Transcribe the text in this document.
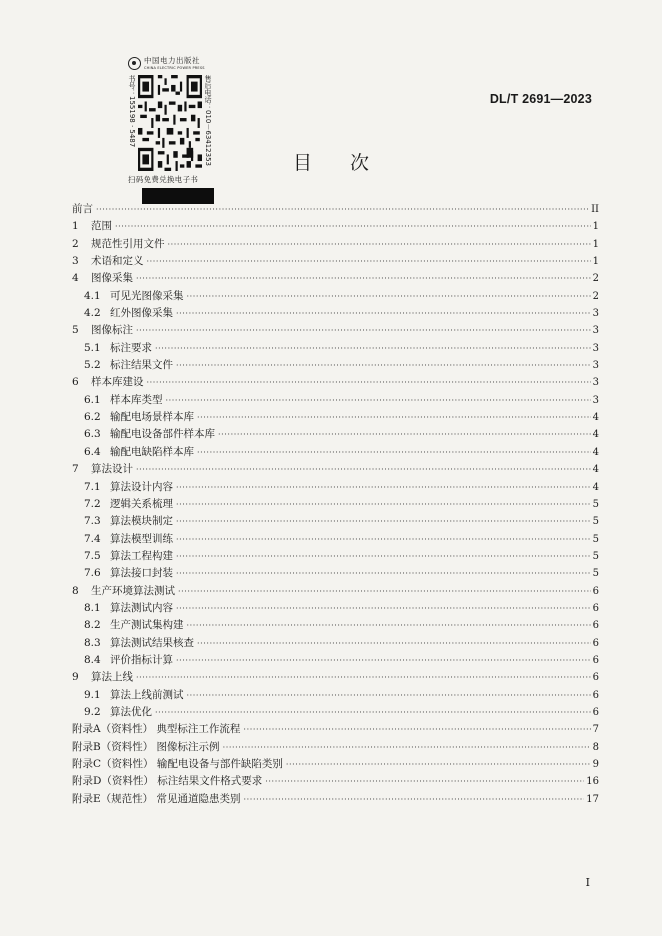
中国电力出版社
CHINA ELECTRIC POWER PRESS
书号：155198 · 5487	售后电话：010－63412353
扫码免费兑换电子书
DL/T 2691—2023
目次
前言 ·····	II
1	范围 ·····	1
2	规范性引用文件 ·····	1
3	术语和定义 ·····	1
4	图像采集 ·····	2
4.1 可见光图像采集 ·····	2
4.2 红外图像采集 ·····	3
5	图像标注 ·····	3
5.1 标注要求 ·····	3
5.2 标注结果文件 ·····	3
6	样本库建设 ·····	3
6.1 样本库类型 ·····	3
6.2 输配电场景样本库 ·····	4
6.3 输配电设备部件样本库 ·····	4
6.4 输配电缺陷样本库 ·····	4
7	算法设计 ·····	4
7.1 算法设计内容 ·····	4
7.2 逻辑关系梳理 ·····	5
7.3 算法模块制定 ·····	5
7.4 算法模型训练 ·····	5
7.5 算法工程构建 ·····	5
7.6 算法接口封装 ·····	5
8	生产环境算法测试 ·····	6
8.1 算法测试内容 ·····	6
8.2 生产测试集构建 ·····	6
8.3 算法测试结果核查 ·····	6
8.4 评价指标计算 ·····	6
9	算法上线 ·····	6
9.1 算法上线前测试 ·····	6
9.2 算法优化 ·····	6
附录A（资料性） 典型标注工作流程 ·····	7
附录B（资料性） 图像标注示例 ·····	8
附录C（资料性） 输配电设备与部件缺陷类别 ·····	9
附录D（资料性） 标注结果文件格式要求 ·····	16
附录E（规范性） 常见通道隐患类别 ·····	17
I
